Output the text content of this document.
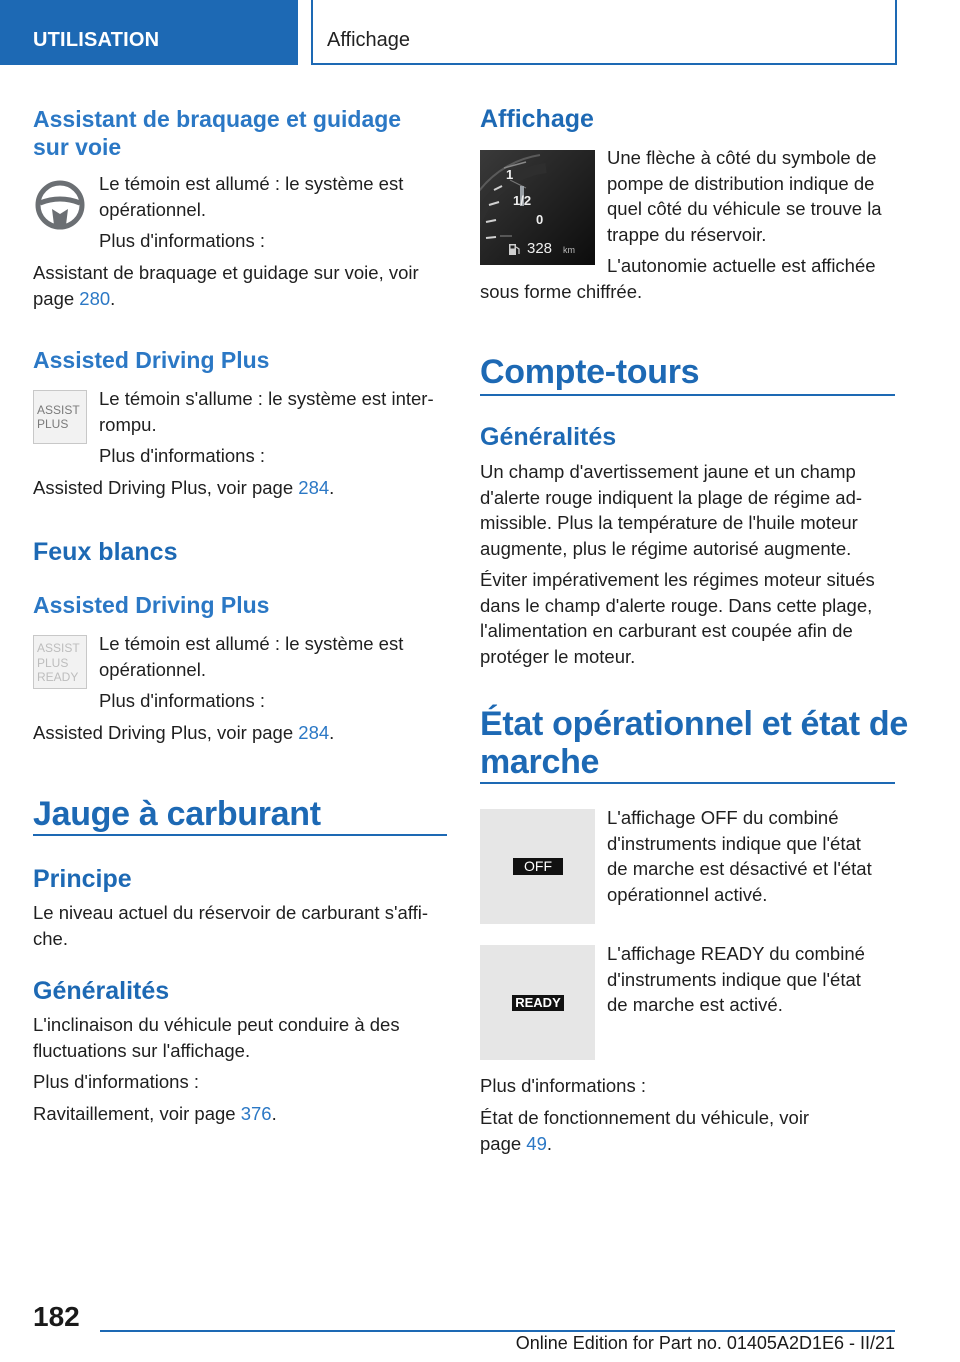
UTILISATION	Affichage
Assistant de braquage et guidage
sur voie

Le témoin est allumé : le système est
opérationnel.

Plus d'informations :

Assistant de braquage et guidage sur voie, voir
page 280.

Assisted Driving Plus
ASSIST
PLUS

Le témoin s'allume : le système est inter-
rompu.

Plus d'informations :

Assisted Driving Plus, voir page 284.

Feux blancs
Assisted Driving Plus
ASSIST
PLUS
READY

Le témoin est allumé : le système est
opérationnel.

Plus d'informations :

Assisted Driving Plus, voir page 284.

Jauge à carburant
Principe

Le niveau actuel du réservoir de carburant s'affi-
che.

Généralités

L'inclinaison du véhicule peut conduire à des
fluctuations sur l'affichage.

Plus d'informations :

Ravitaillement, voir page 376.

Affichage
1
1/2
0
328 km

Une flèche à côté du symbole de
pompe de distribution indique de
quel côté du véhicule se trouve la
trappe du réservoir.

L'autonomie actuelle est affichée

sous forme chiffrée.

Compte-tours
Généralités

Un champ d'avertissement jaune et un champ
d'alerte rouge indiquent la plage de régime ad-
missible. Plus la température de l'huile moteur
augmente, plus le régime autorisé augmente.

Éviter impérativement les régimes moteur situés
dans le champ d'alerte rouge. Dans cette plage,
l'alimentation en carburant est coupée afin de
protéger le moteur.

État opérationnel et état de
marche
OFF

L'affichage OFF du combiné
d'instruments indique que l'état
de marche est désactivé et l'état
opérationnel activé.

READY

L'affichage READY du combiné
d'instruments indique que l'état
de marche est activé.

Plus d'informations :

État de fonctionnement du véhicule, voir
page 49.

182
Online Edition for Part no. 01405A2D1E6 - II/21
